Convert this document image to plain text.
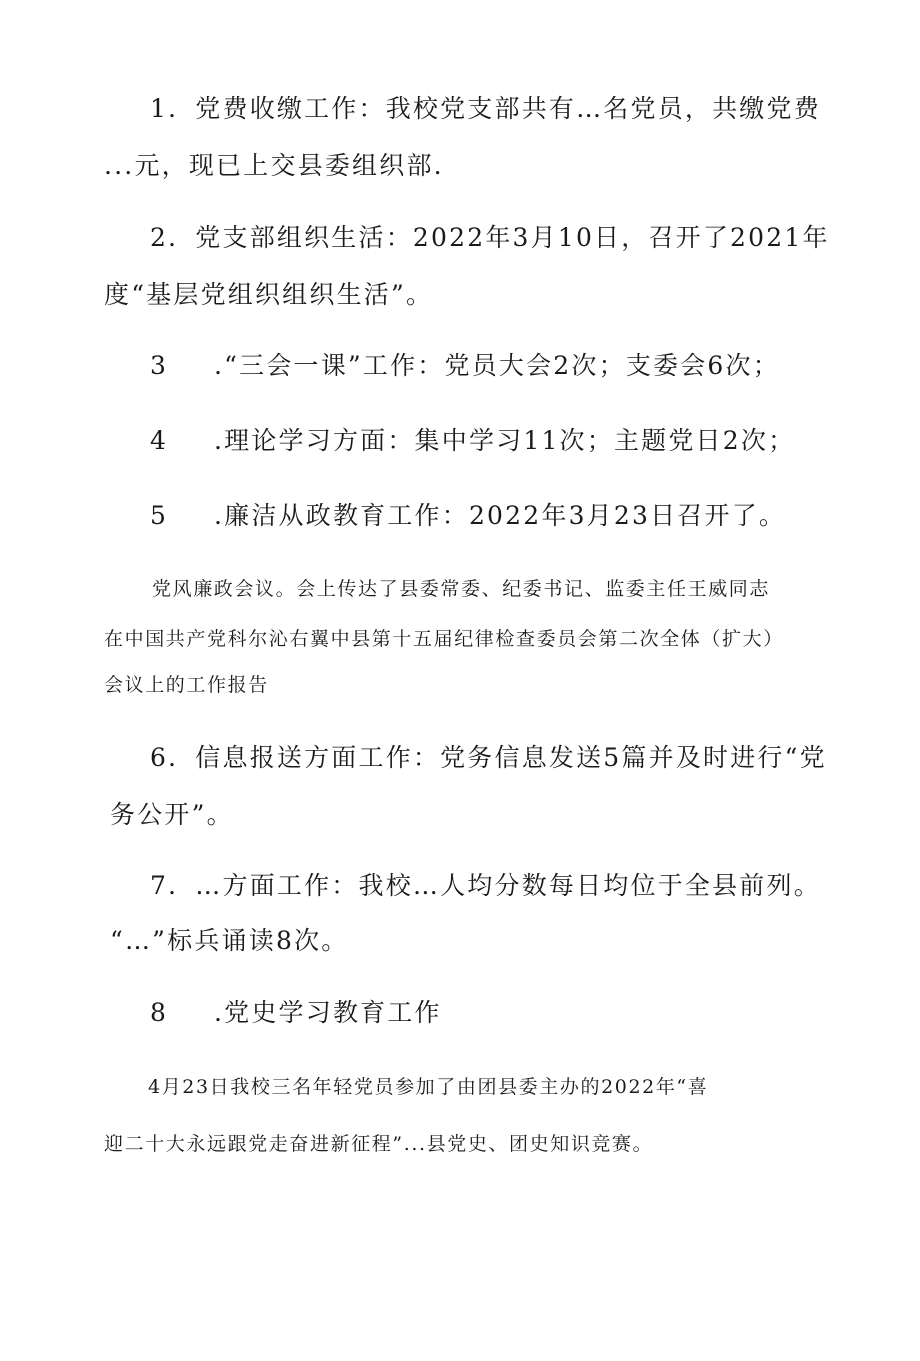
1．党费收缴工作：我校党支部共有…名党员，共缴党费
...元，现已上交县委组织部.
2．党支部组织生活：2022年3月10日，召开了2021年
度“基层党组织组织生活”。
3 .“三会一课”工作：党员大会2次；支委会6次；
4 .理论学习方面：集中学习11次；主题党日2次；
5 .廉洁从政教育工作：2022年3月23日召开了。
党风廉政会议。会上传达了县委常委、纪委书记、监委主任王威同志
在中国共产党科尔沁右翼中县第十五届纪律检查委员会第二次全体（扩大）
会议上的工作报告
6．信息报送方面工作：党务信息发送5篇并及时进行“党
务公开”。
7．…方面工作：我校…人均分数每日均位于全县前列。
“…”标兵诵读8次。
8 .党史学习教育工作
4月23日我校三名年轻党员参加了由团县委主办的2022年“喜
迎二十大永远跟党走奋进新征程”...县党史、团史知识竞赛。
